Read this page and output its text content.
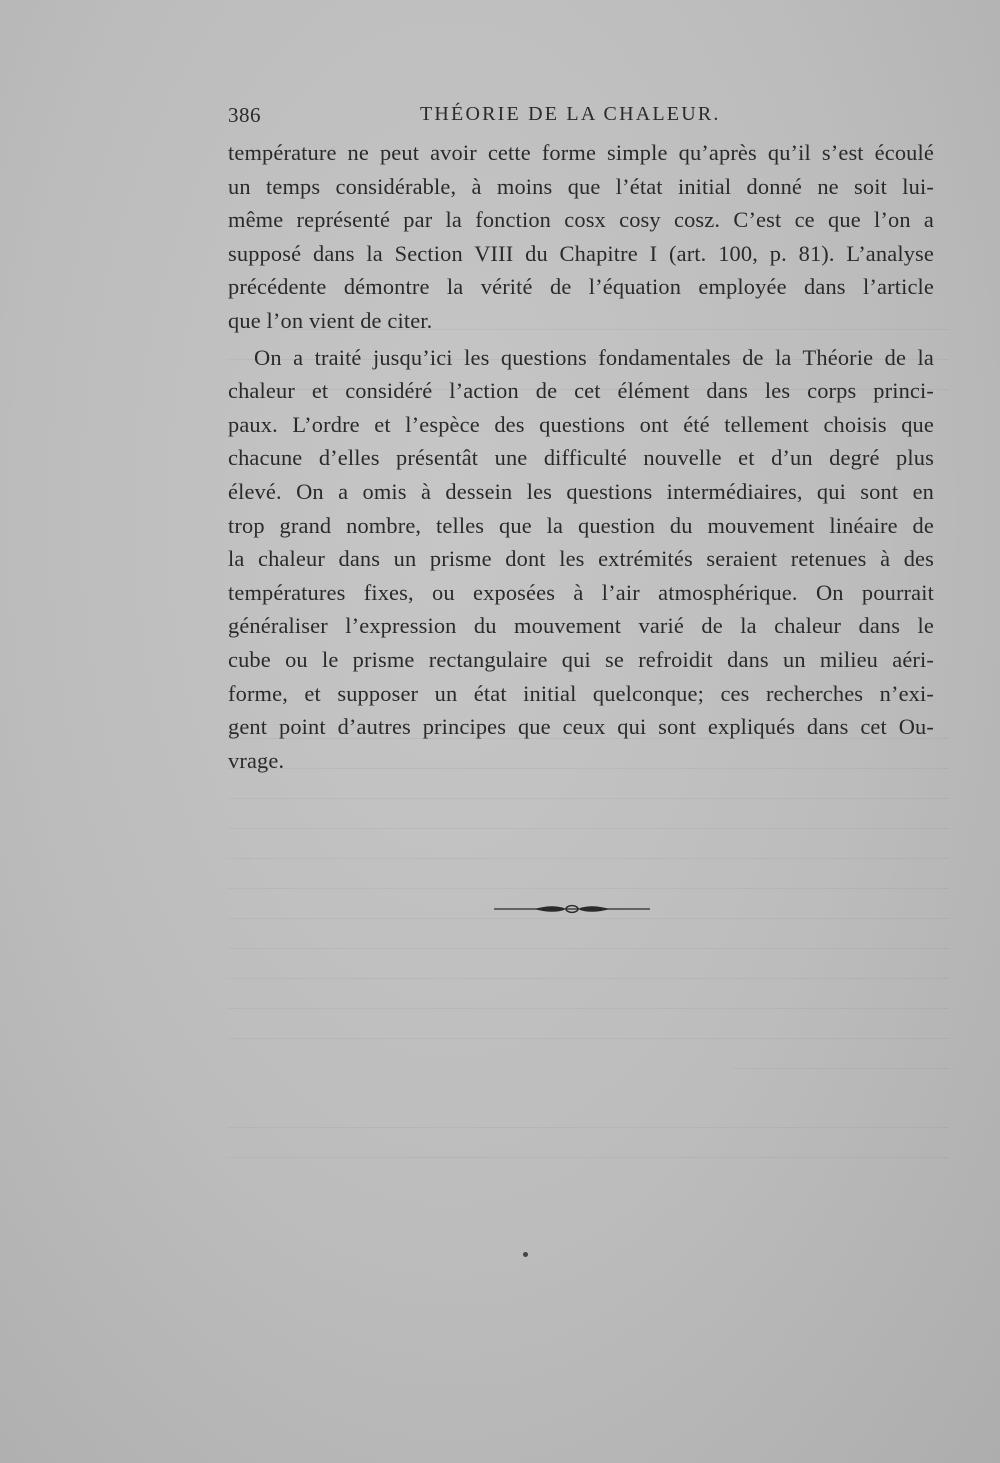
386	THÉORIE DE LA CHALEUR.
température ne peut avoir cette forme simple qu’après qu’il s’est écoulé
un temps considérable, à moins que l’état initial donné ne soit lui-
même représenté par la fonction cosx cosy cosz. C’est ce que l’on a
supposé dans la Section VIII du Chapitre I (art. 100, p. 81). L’analyse
précédente démontre la vérité de l’équation employée dans l’article
que l’on vient de citer.
On a traité jusqu’ici les questions fondamentales de la Théorie de la
chaleur et considéré l’action de cet élément dans les corps princi-
paux. L’ordre et l’espèce des questions ont été tellement choisis que
chacune d’elles présentât une difficulté nouvelle et d’un degré plus
élevé. On a omis à dessein les questions intermédiaires, qui sont en
trop grand nombre, telles que la question du mouvement linéaire de
la chaleur dans un prisme dont les extrémités seraient retenues à des
températures fixes, ou exposées à l’air atmosphérique. On pourrait
généraliser l’expression du mouvement varié de la chaleur dans le
cube ou le prisme rectangulaire qui se refroidit dans un milieu aéri-
forme, et supposer un état initial quelconque; ces recherches n’exi-
gent point d’autres principes que ceux qui sont expliqués dans cet Ou-
vrage.
